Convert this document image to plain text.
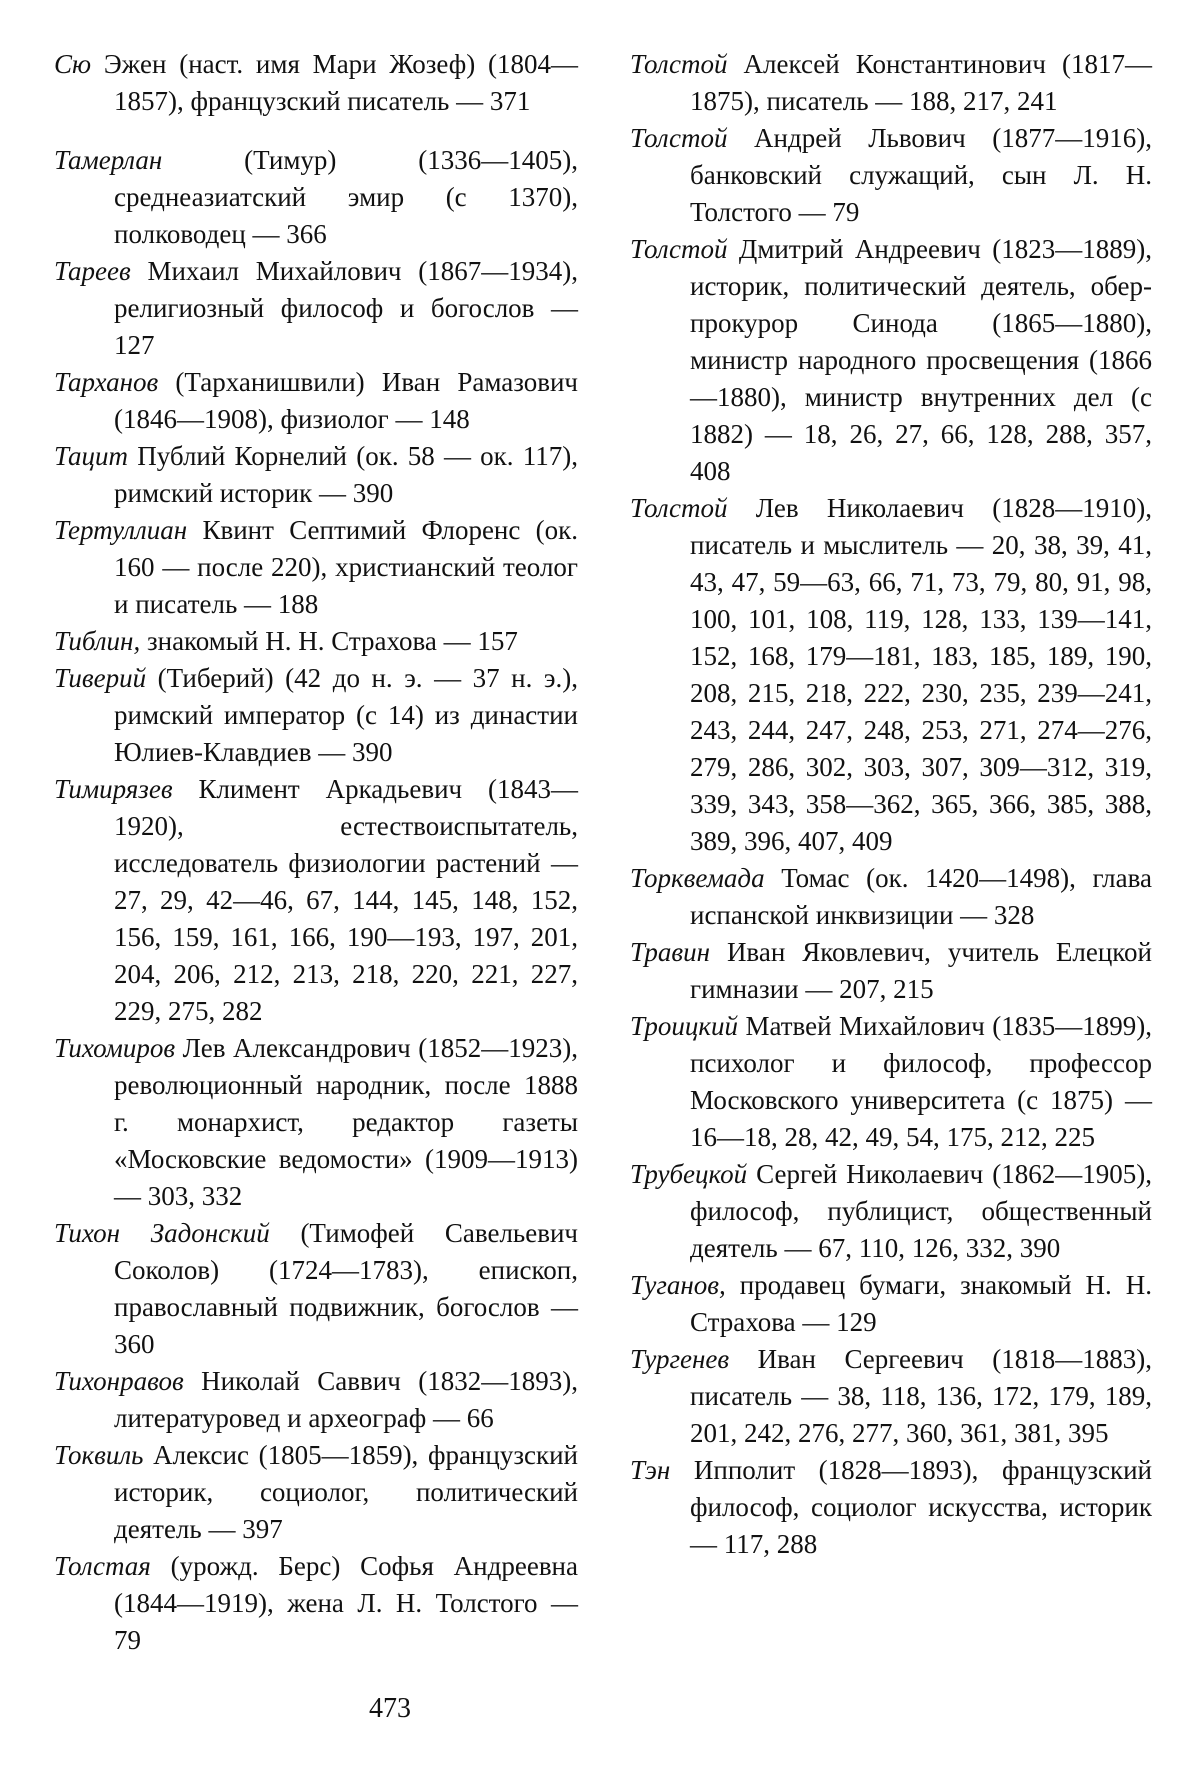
Сю Эжен (наст. имя Мари Жозеф) (1804—1857), французский писатель — 371

Тамерлан (Тимур) (1336—1405), среднеазиатский эмир (с 1370), полководец — 366

Тареев Михаил Михайлович (1867—1934), религиозный философ и богослов — 127

Тарханов (Тарханишвили) Иван Рамазович (1846—1908), физиолог — 148

Тацит Публий Корнелий (ок. 58 — ок. 117), римский историк — 390

Тертуллиан Квинт Септимий Флоренс (ок. 160 — после 220), христианский теолог и писатель — 188

Тиблин, знакомый Н. Н. Страхова — 157

Тиверий (Тиберий) (42 до н. э. — 37 н. э.), римский император (с 14) из династии Юлиев-Клавдиев — 390

Тимирязев Климент Аркадьевич (1843—1920), естествоиспытатель, исследователь физиологии растений — 27, 29, 42—46, 67, 144, 145, 148, 152, 156, 159, 161, 166, 190—193, 197, 201, 204, 206, 212, 213, 218, 220, 221, 227, 229, 275, 282

Тихомиров Лев Александрович (1852—1923), революционный народник, после 1888 г. монархист, редактор газеты «Московские ведомости» (1909—1913) — 303, 332

Тихон Задонский (Тимофей Савельевич Соколов) (1724—1783), епископ, православный подвижник, богослов — 360

Тихонравов Николай Саввич (1832—1893), литературовед и археограф — 66

Токвиль Алексис (1805—1859), французский историк, социолог, политический деятель — 397

Толстая (урожд. Берс) Софья Андреевна (1844—1919), жена Л. Н. Толстого — 79

Толстой Алексей Константинович (1817—1875), писатель — 188, 217, 241

Толстой Андрей Львович (1877—1916), банковский служащий, сын Л. Н. Толстого — 79

Толстой Дмитрий Андреевич (1823—1889), историк, политический деятель, обер-прокурор Синода (1865—1880), министр народного просвещения (1866—1880), министр внутренних дел (с 1882) — 18, 26, 27, 66, 128, 288, 357, 408

Толстой Лев Николаевич (1828—1910), писатель и мыслитель — 20, 38, 39, 41, 43, 47, 59—63, 66, 71, 73, 79, 80, 91, 98, 100, 101, 108, 119, 128, 133, 139—141, 152, 168, 179—181, 183, 185, 189, 190, 208, 215, 218, 222, 230, 235, 239—241, 243, 244, 247, 248, 253, 271, 274—276, 279, 286, 302, 303, 307, 309—312, 319, 339, 343, 358—362, 365, 366, 385, 388, 389, 396, 407, 409

Торквемада Томас (ок. 1420—1498), глава испанской инквизиции — 328

Травин Иван Яковлевич, учитель Елецкой гимназии — 207, 215

Троицкий Матвей Михайлович (1835—1899), психолог и философ, профессор Московского университета (с 1875) — 16—18, 28, 42, 49, 54, 175, 212, 225

Трубецкой Сергей Николаевич (1862—1905), философ, публицист, общественный деятель — 67, 110, 126, 332, 390

Туганов, продавец бумаги, знакомый Н. Н. Страхова — 129

Тургенев Иван Сергеевич (1818—1883), писатель — 38, 118, 136, 172, 179, 189, 201, 242, 276, 277, 360, 361, 381, 395

Тэн Ипполит (1828—1893), французский философ, социолог искусства, историк — 117, 288

473
